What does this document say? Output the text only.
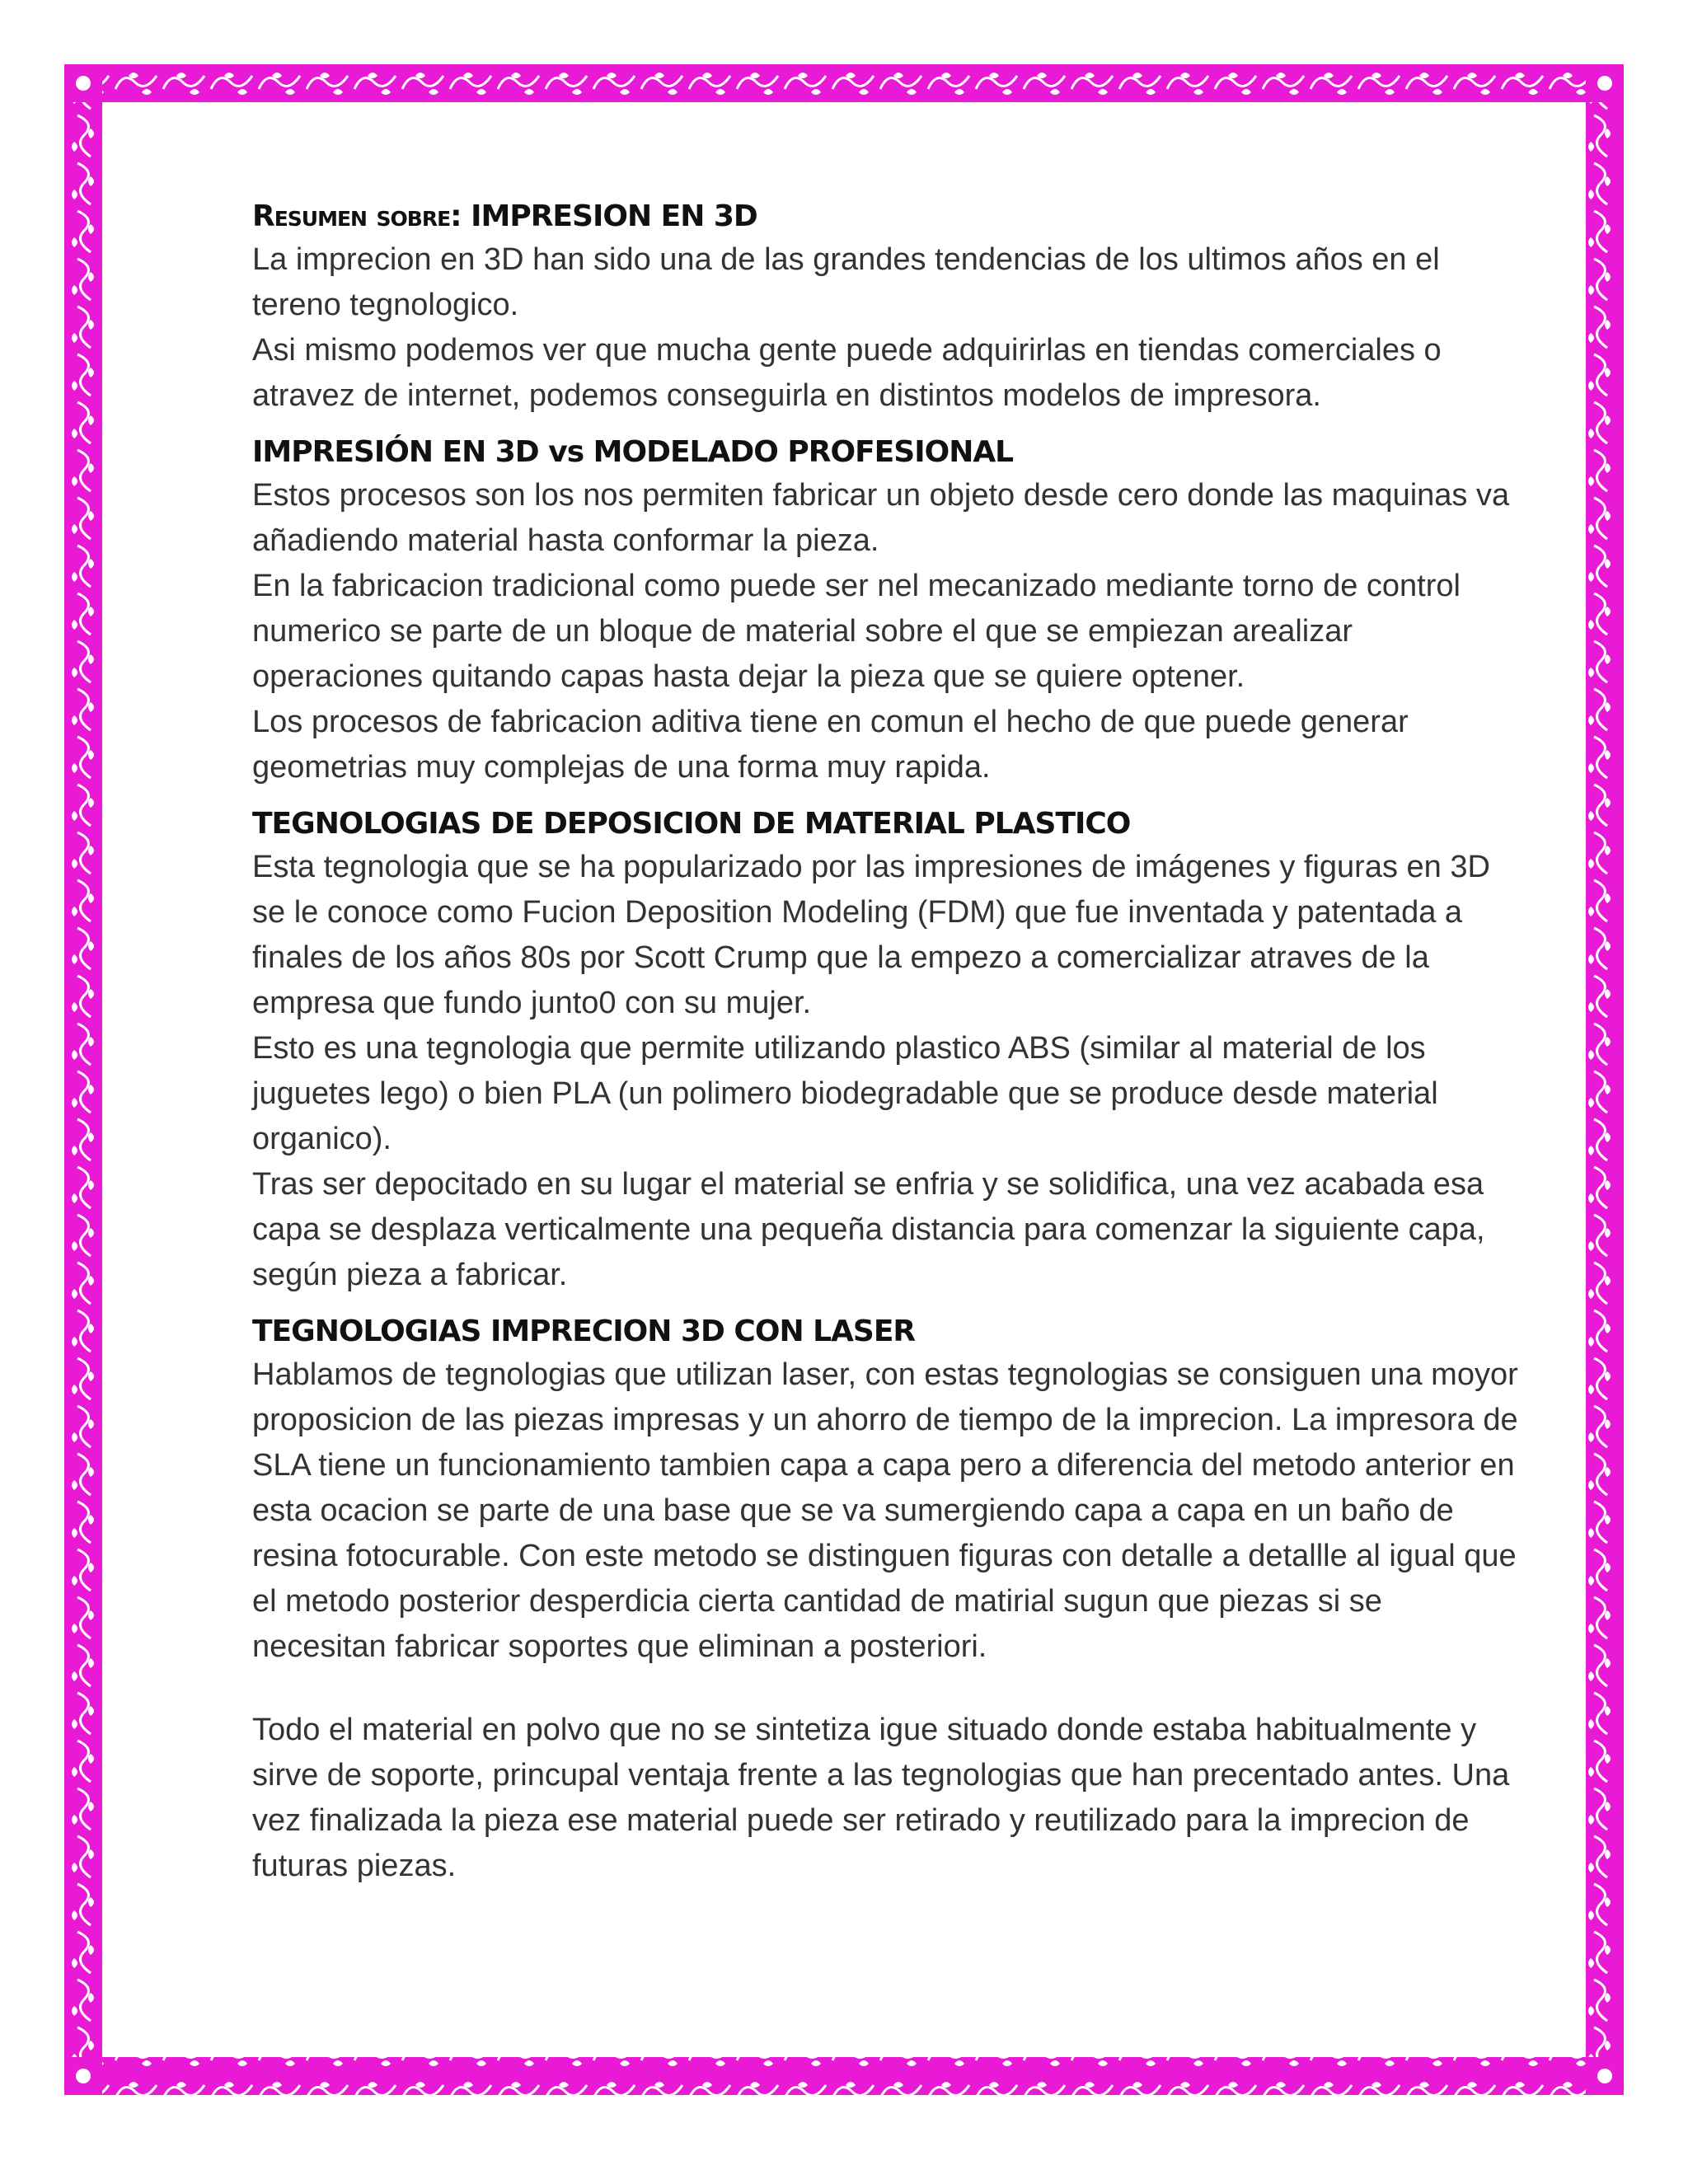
Resumen sobre: IMPRESION EN 3D

La imprecion en 3D han sido una de las grandes tendencias de los ultimos años en el tereno tegnologico.

Asi mismo podemos ver que mucha gente puede adquirirlas en tiendas comerciales o atravez de internet, podemos conseguirla en distintos modelos de impresora.

IMPRESIÓN EN 3D vs MODELADO PROFESIONAL

Estos procesos son los nos permiten fabricar un objeto desde cero donde las maquinas va añadiendo material hasta conformar la pieza.

En la fabricacion tradicional como puede ser nel mecanizado mediante torno de control numerico se parte de un bloque de material sobre el que se empiezan arealizar operaciones quitando capas hasta dejar la pieza que se quiere optener.

Los procesos de fabricacion aditiva tiene en comun el hecho de que puede generar geometrias muy complejas de una forma muy rapida.

TEGNOLOGIAS DE DEPOSICION DE MATERIAL PLASTICO

Esta tegnologia que se ha popularizado por las impresiones de imágenes y figuras en 3D se le conoce como Fucion Deposition Modeling (FDM) que fue inventada y patentada a finales de los años 80s por Scott Crump que la empezo a comercializar atraves de la empresa que fundo junto0 con su mujer.

Esto es una tegnologia que permite utilizando plastico ABS (similar al material de los juguetes lego) o bien PLA (un polimero biodegradable que se produce desde material organico).

Tras ser depocitado en su lugar el material se enfria y se solidifica, una vez acabada esa capa se desplaza verticalmente una pequeña distancia para comenzar la siguiente capa, según pieza a fabricar.

TEGNOLOGIAS IMPRECION 3D CON LASER

Hablamos de tegnologias que utilizan laser, con estas tegnologias se consiguen una moyor proposicion de las piezas impresas y un ahorro de tiempo de la imprecion. La impresora de SLA tiene un funcionamiento tambien capa a capa pero a diferencia del metodo anterior en esta ocacion se parte de una base que se va sumergiendo capa a capa en un baño de resina fotocurable. Con este metodo se distinguen figuras con detalle a detallle al igual que el metodo posterior desperdicia cierta cantidad de matirial sugun que piezas si se necesitan fabricar soportes que eliminan a posteriori.

Todo el material en polvo que no se sintetiza igue situado donde estaba habitualmente y sirve de soporte, princupal ventaja frente a las tegnologias que han precentado antes. Una vez finalizada la pieza ese material puede ser retirado y reutilizado para la imprecion de futuras piezas.
